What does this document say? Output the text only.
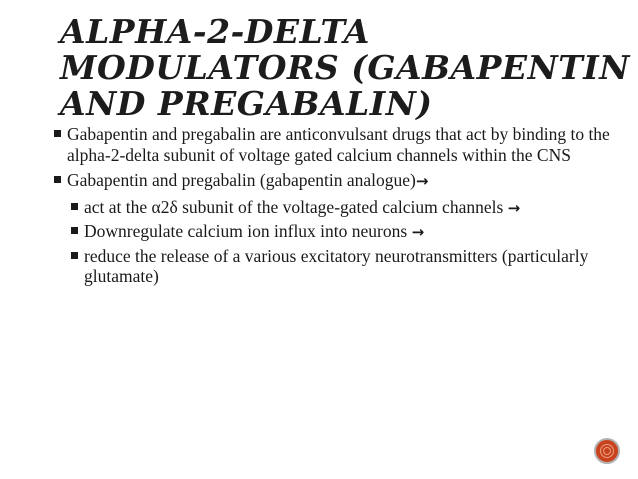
ALPHA-2-DELTA
MODULATORS (GABAPENTIN
AND PREGABALIN)
Gabapentin and pregabalin are anticonvulsant drugs that act by binding to the alpha-2-delta subunit of voltage gated calcium channels within the CNS
Gabapentin and pregabalin (gabapentin analogue)→
act at the α2δ subunit of the voltage-gated calcium channels →
Downregulate calcium ion influx into neurons →
reduce the release of a various excitatory neurotransmitters (particularly glutamate)
